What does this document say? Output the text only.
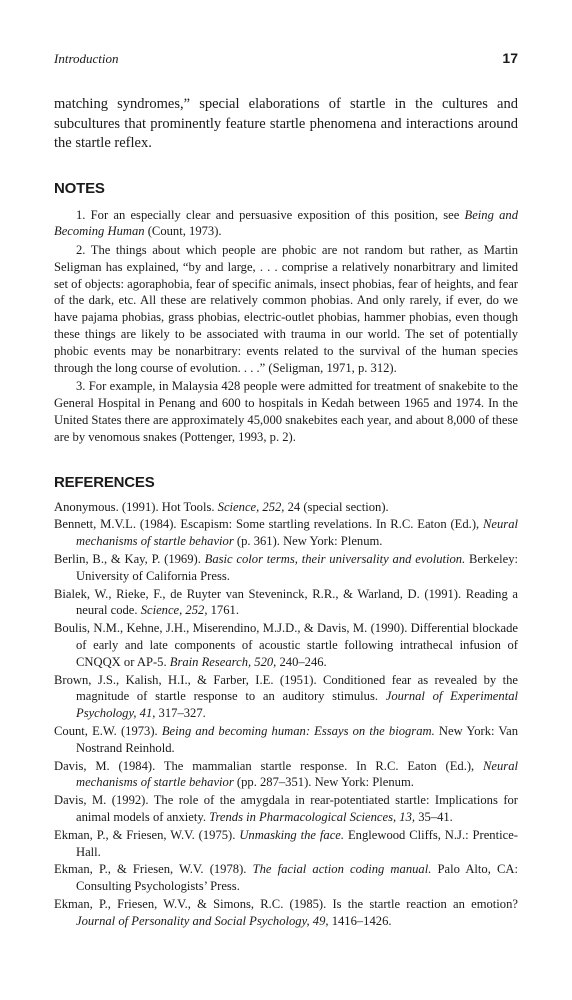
Introduction	17

matching syndromes,” special elaborations of startle in the cultures and subcultures that prominently feature startle phenomena and interactions around the startle reflex.

NOTES

1. For an especially clear and persuasive exposition of this position, see Being and Becoming Human (Count, 1973).

2. The things about which people are phobic are not random but rather, as Martin Seligman has explained, “by and large, . . . comprise a relatively nonarbitrary and limited set of objects: agoraphobia, fear of specific animals, insect phobias, fear of heights, and fear of the dark, etc. All these are relatively common phobias. And only rarely, if ever, do we have pajama phobias, grass phobias, electric-outlet phobias, hammer phobias, even though these things are likely to be associated with trauma in our world. The set of potentially phobic events may be nonarbitrary: events related to the survival of the human species through the long course of evolution. . . .” (Seligman, 1971, p. 312).

3. For example, in Malaysia 428 people were admitted for treatment of snakebite to the General Hospital in Penang and 600 to hospitals in Kedah between 1965 and 1974. In the United States there are approximately 45,000 snakebites each year, and about 8,000 of these are by venomous snakes (Pottenger, 1993, p. 2).

REFERENCES

Anonymous. (1991). Hot Tools. Science, 252, 24 (special section).

Bennett, M.V.L. (1984). Escapism: Some startling revelations. In R.C. Eaton (Ed.), Neural mechanisms of startle behavior (p. 361). New York: Plenum.

Berlin, B., & Kay, P. (1969). Basic color terms, their universality and evolution. Berkeley: University of California Press.

Bialek, W., Rieke, F., de Ruyter van Steveninck, R.R., & Warland, D. (1991). Reading a neural code. Science, 252, 1761.

Boulis, N.M., Kehne, J.H., Miserendino, M.J.D., & Davis, M. (1990). Differential blockade of early and late components of acoustic startle following intrathecal infusion of CNQQX or AP-5. Brain Research, 520, 240–246.

Brown, J.S., Kalish, H.I., & Farber, I.E. (1951). Conditioned fear as revealed by the magnitude of startle response to an auditory stimulus. Journal of Experimental Psychology, 41, 317–327.

Count, E.W. (1973). Being and becoming human: Essays on the biogram. New York: Van Nostrand Reinhold.

Davis, M. (1984). The mammalian startle response. In R.C. Eaton (Ed.), Neural mechanisms of startle behavior (pp. 287–351). New York: Plenum.

Davis, M. (1992). The role of the amygdala in rear-potentiated startle: Implications for animal models of anxiety. Trends in Pharmacological Sciences, 13, 35–41.

Ekman, P., & Friesen, W.V. (1975). Unmasking the face. Englewood Cliffs, N.J.: Prentice-Hall.

Ekman, P., & Friesen, W.V. (1978). The facial action coding manual. Palo Alto, CA: Consulting Psychologists’ Press.

Ekman, P., Friesen, W.V., & Simons, R.C. (1985). Is the startle reaction an emotion? Journal of Personality and Social Psychology, 49, 1416–1426.
